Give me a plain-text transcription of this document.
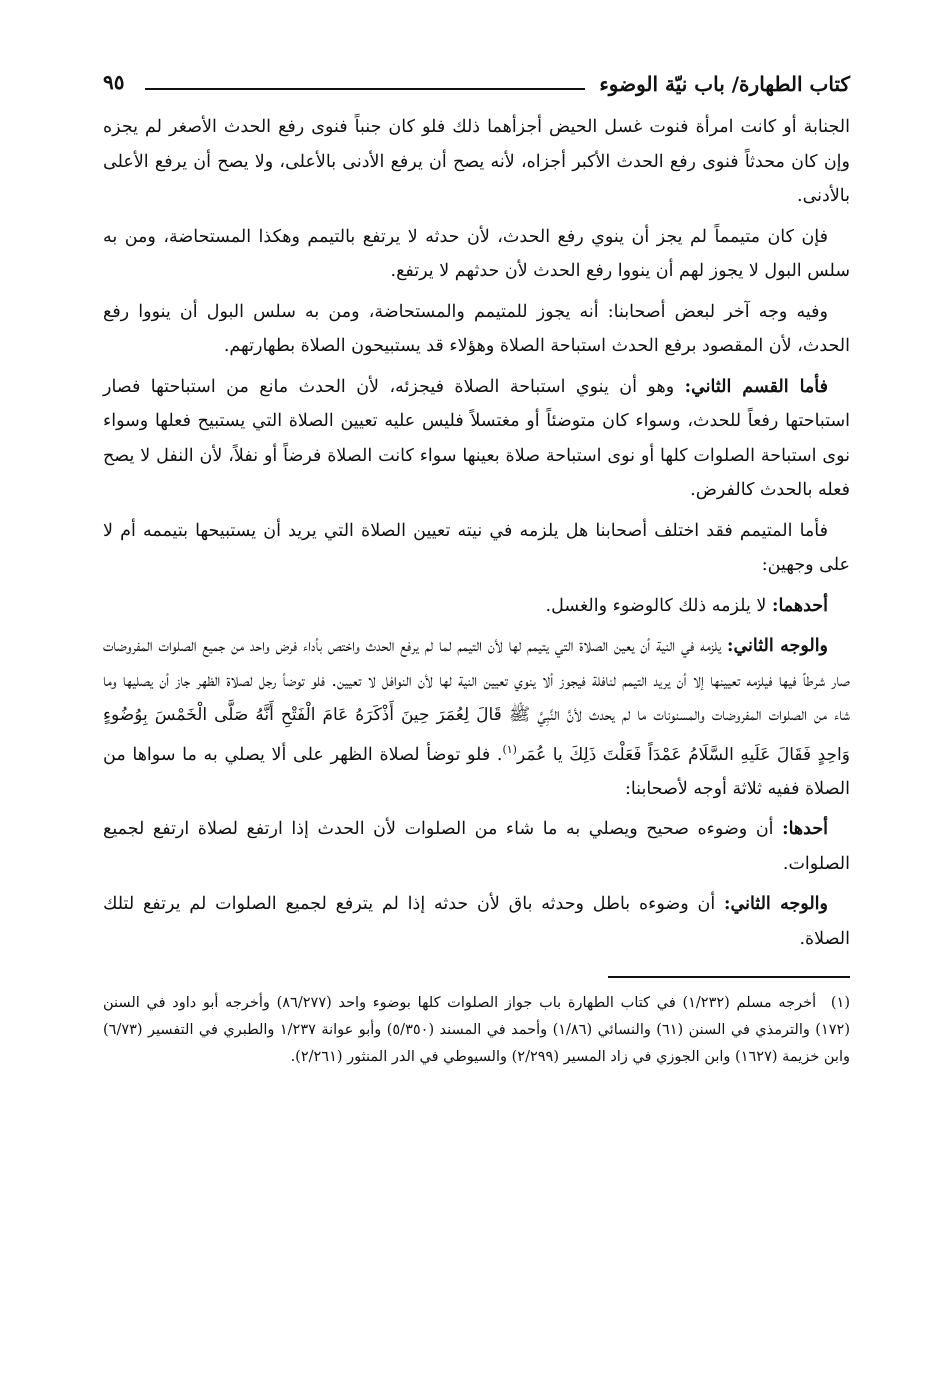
كتاب الطهارة/ باب نيّة الوضوء
٩٥

الجنابة أو كانت امرأة فنوت غسل الحيض أجزأهما ذلك فلو كان جنباً فنوى رفع الحدث الأصغر لم يجزه وإن كان محدثاً فنوى رفع الحدث الأكبر أجزاه، لأنه يصح أن يرفع الأدنى بالأعلى، ولا يصح أن يرفع الأعلى بالأدنى.

فإن كان متيمماً لم يجز أن ينوي رفع الحدث، لأن حدثه لا يرتفع بالتيمم وهكذا المستحاضة، ومن به سلس البول لا يجوز لهم أن ينووا رفع الحدث لأن حدثهم لا يرتفع.

وفيه وجه آخر لبعض أصحابنا: أنه يجوز للمتيمم والمستحاضة، ومن به سلس البول أن ينووا رفع الحدث، لأن المقصود برفع الحدث استباحة الصلاة وهؤلاء قد يستبيحون الصلاة بطهارتهم.

فأما القسم الثاني: وهو أن ينوي استباحة الصلاة فيجزئه، لأن الحدث مانع من استباحتها فصار استباحتها رفعاً للحدث، وسواء كان متوضئاً أو مغتسلاً فليس عليه تعيين الصلاة التي يستبيح فعلها وسواء نوى استباحة الصلوات كلها أو نوى استباحة صلاة بعينها سواء كانت الصلاة فرضاً أو نفلاً، لأن النفل لا يصح فعله بالحدث كالفرض.

فأما المتيمم فقد اختلف أصحابنا هل يلزمه في نيته تعيين الصلاة التي يريد أن يستبيحها بتيممه أم لا على وجهين:

أحدهما: لا يلزمه ذلك كالوضوء والغسل.

والوجه الثاني: يلزمه في النية أن يعين الصلاة التي يتيمم لها لأن التيمم لما لم يرفع الحدث واختص بأداء فرض واحد من جميع الصلوات المفروضات صار شرطاً فيها فيلزمه تعيينها إلا أن يريد التيمم لنافلة فيجوز ألا ينوي تعيين النية لها لأن النوافل لا تعيين. فلو توضأ رجل لصلاة الظهر جاز أن يصليها وما شاء من الصلوات المفروضات والمسنونات ما لم يحدث لأنَّ النَّبِيَّ ﷺ قَالَ لِعُمَرَ حِينَ أَذْكَرَهُ عَامَ الْفَتْحِ أَنَّهُ صَلَّى الْخَمْسَ بِوُضُوءٍ وَاحِدٍ فَقَالَ عَلَيهِ السَّلَامُ عَمْدَاً فَعَلْتَ ذَلِكَ يا عُمَر$^{(١)}$. فلو توضأ لصلاة الظهر على ألا يصلي به ما سواها من الصلاة ففيه ثلاثة أوجه لأصحابنا:

أحدها: أن وضوءه صحيح ويصلي به ما شاء من الصلوات لأن الحدث إذا ارتفع لصلاة ارتفع لجميع الصلوات.

والوجه الثاني: أن وضوءه باطل وحدثه باق لأن حدثه إذا لم يترفع لجميع الصلوات لم يرتفع لتلك الصلاة.

(١) أخرجه مسلم (١/٢٣٢) في كتاب الطهارة باب جواز الصلوات كلها بوضوء واحد (٨٦/٢٧٧) وأخرجه أبو داود في السنن (١٧٢) والترمذي في السنن (٦١) والنسائي (١/٨٦) وأحمد في المسند (٥/٣٥٠) وأبو عوانة ١/٢٣٧ والطبري في التفسير (٦/٧٣) وابن خزيمة (١٦٢٧) وابن الجوزي في زاد المسير (٢/٢٩٩) والسيوطي في الدر المنثور (٢/٢٦١).
